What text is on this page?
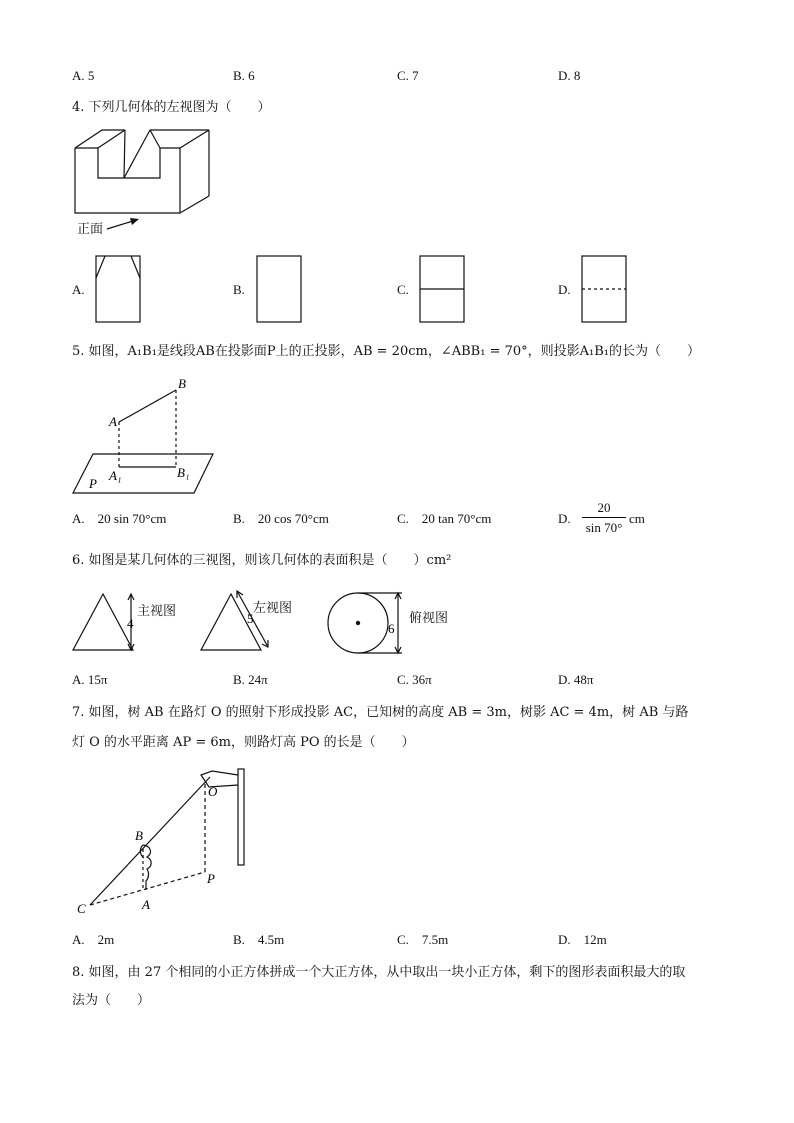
A. 5	B. 6	C. 7	D. 8
4. 下列几何体的左视图为（　　）
正面
A.	B.	C.	D.
5. 如图，A₁B₁是线段AB在投影面P上的正投影，AB = 20cm，∠ABB₁ = 70°，则投影A₁B₁的长为（　　）
A
B
A₁	B₁
P
A.　20 sin 70°cm	B.　20 cos 70°cm	C.　20 tan 70°cm	D.
20
sin 70°
cm
6. 如图是某几何体的三视图，则该几何体的表面积是（　　）cm²
4	5
6
主视图	左视图
俯视图
A. 15π	B. 24π	C. 36π	D. 48π
7. 如图，树 AB 在路灯 O 的照射下形成投影 AC，已知树的高度 AB = 3m，树影 AC = 4m，树 AB 与路
灯 O 的水平距离 AP = 6m，则路灯高 PO 的长是（　　）
O
B
P
C	A
A.　2m	B.　4.5m	C.　7.5m	D.　12m
8. 如图，由 27 个相同的小正方体拼成一个大正方体，从中取出一块小正方体，剩下的图形表面积最大的取
法为（　　）
